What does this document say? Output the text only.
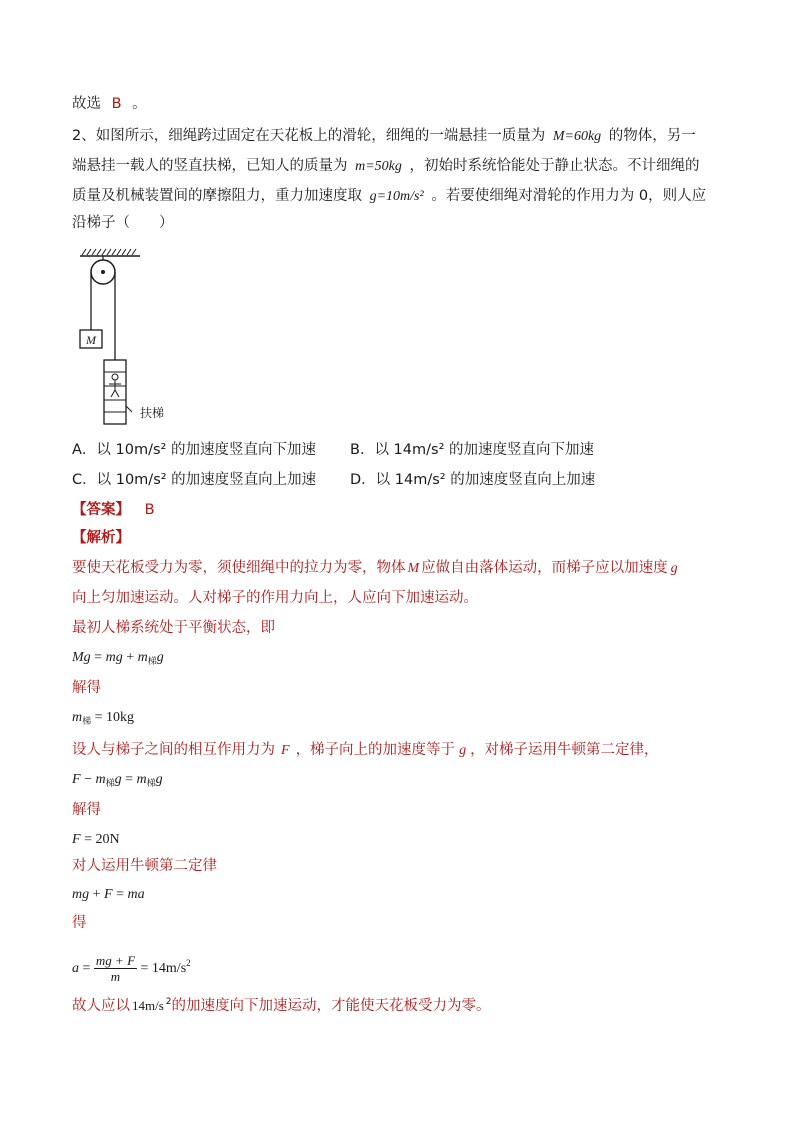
故选 B 。
2、如图所示，细绳跨过固定在天花板上的滑轮，细绳的一端悬挂一质量为 M=60kg 的物体，另一
端悬挂一载人的竖直扶梯，已知人的质量为 m=50kg ，初始时系统恰能处于静止状态。不计细绳的
质量及机械装置间的摩擦阻力，重力加速度取 g=10m/s² 。若要使细绳对滑轮的作用力为 0，则人应
沿梯子（　　）
M
扶梯
A．以 10m/s² 的加速度竖直向下加速 B．以 14m/s² 的加速度竖直向下加速
C．以 10m/s² 的加速度竖直向上加速 D．以 14m/s² 的加速度竖直向上加速
【答案】 B
【解析】
要使天花板受力为零，须使细绳中的拉力为零，物体 M 应做自由落体运动，而梯子应以加速度 g
向上匀加速运动。人对梯子的作用力向上，人应向下加速运动。
最初人梯系统处于平衡状态，即
Mg = mg + $m_梯g$
解得
$m_梯 = 10kg$
设人与梯子之间的相互作用力为 F ，梯子向上的加速度等于 g ，对梯子运用牛顿第二定律，
$F - m_梯g = m_梯g$
解得
F = 20N
对人运用牛顿第二定律
mg + F = ma
得
$a = \frac{mg + F}{m} = 14m/s^2$
故人应以 14m/s $^2$的加速度向下加速运动，才能使天花板受力为零。
